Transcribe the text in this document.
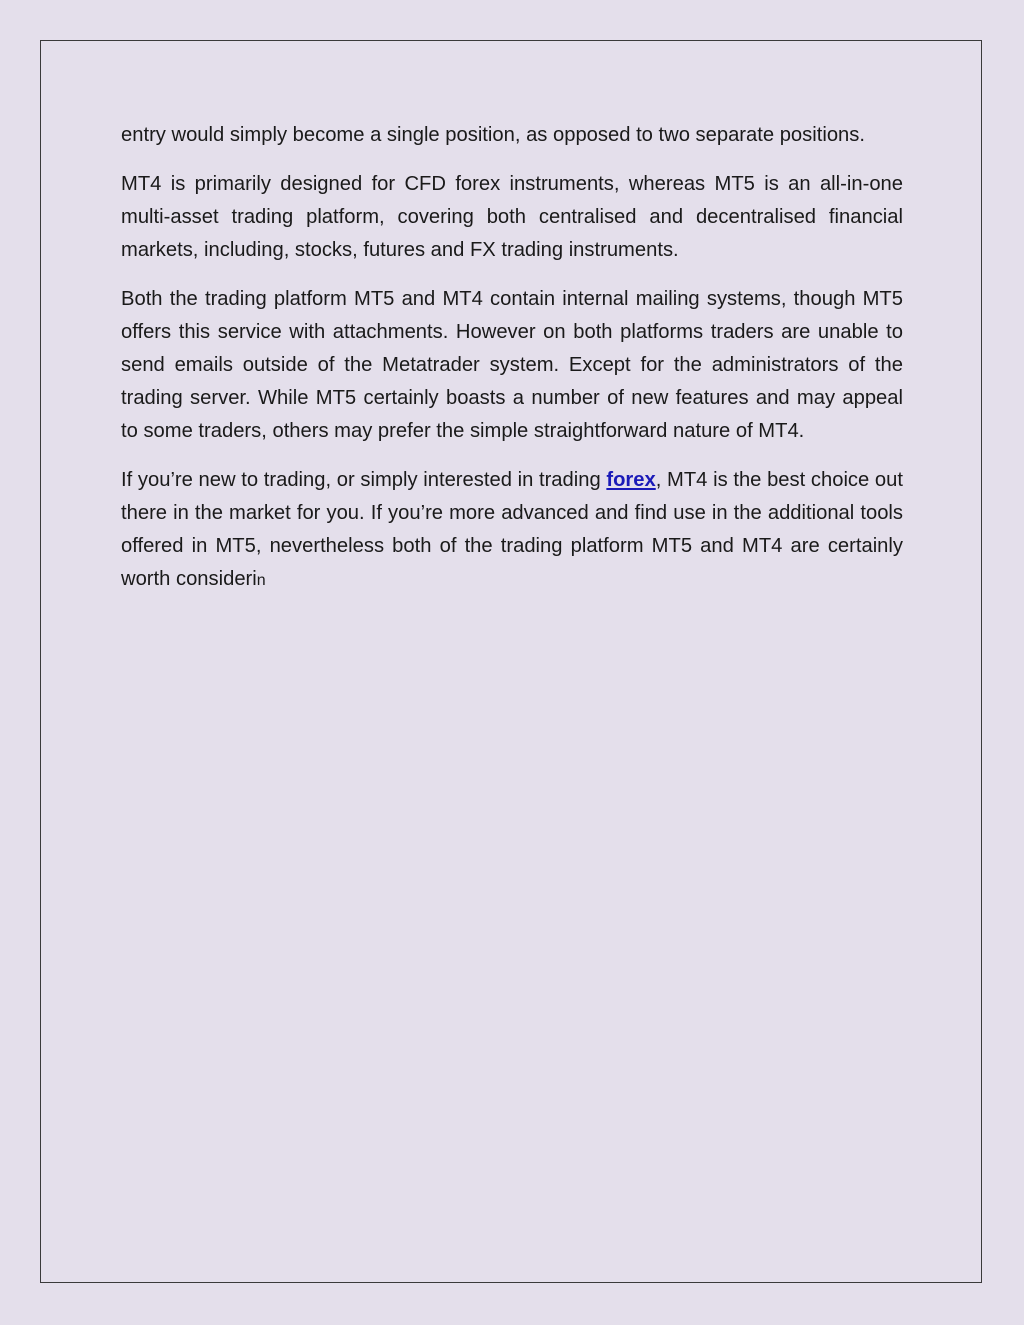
entry would simply become a single position, as opposed to two separate positions.

MT4 is primarily designed for CFD forex instruments, whereas MT5 is an all-in-one multi-asset trading platform, covering both centralised and decentralised financial markets, including, stocks, futures and FX trading instruments.

Both the trading platform MT5 and MT4 contain internal mailing systems, though MT5 offers this service with attachments. However on both platforms traders are unable to send emails outside of the Metatrader system. Except for the administrators of the trading server. While MT5 certainly boasts a number of new features and may appeal to some traders, others may prefer the simple straightforward nature of MT4.

If you’re new to trading, or simply interested in trading forex, MT4 is the best choice out there in the market for you. If you’re more advanced and find use in the additional tools offered in MT5, nevertheless both of the trading platform MT5 and MT4 are certainly worth considerin
